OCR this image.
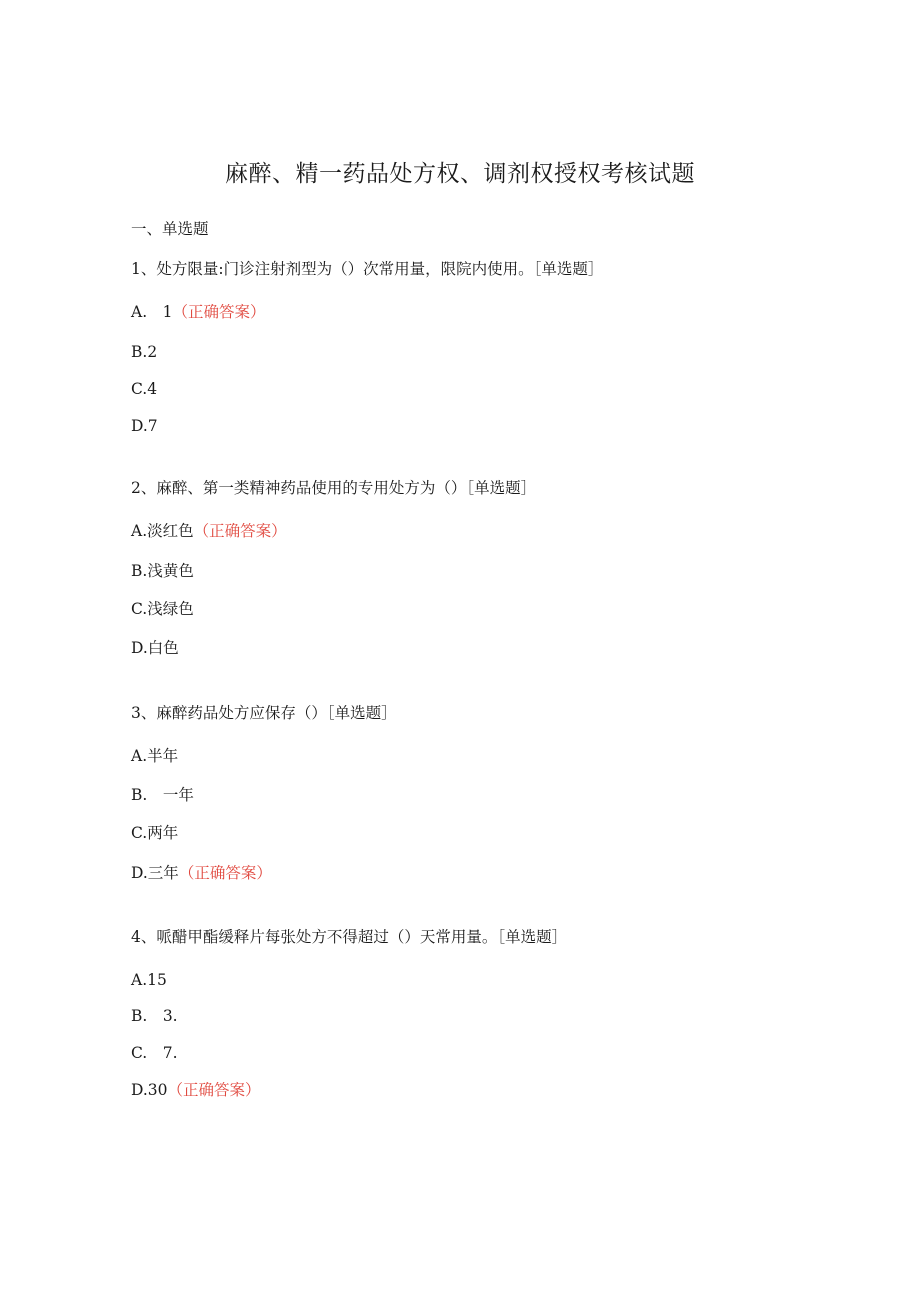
麻醉、精一药品处方权、调剂权授权考核试题
一、单选题
1、处方限量:门诊注射剂型为（）次常用量，限院内使用。［单选题］
A.　1（正确答案）
B.2
C.4
D.7
2、麻醉、第一类精神药品使用的专用处方为（）［单选题］
A.淡红色（正确答案）
B.浅黄色
C.浅绿色
D.白色
3、麻醉药品处方应保存（）［单选题］
A.半年
B.　一年
C.两年
D.三年（正确答案）
4、哌醋甲酯缓释片每张处方不得超过（）天常用量。［单选题］
A.15
B.　3.
C.　7.
D.30（正确答案）
